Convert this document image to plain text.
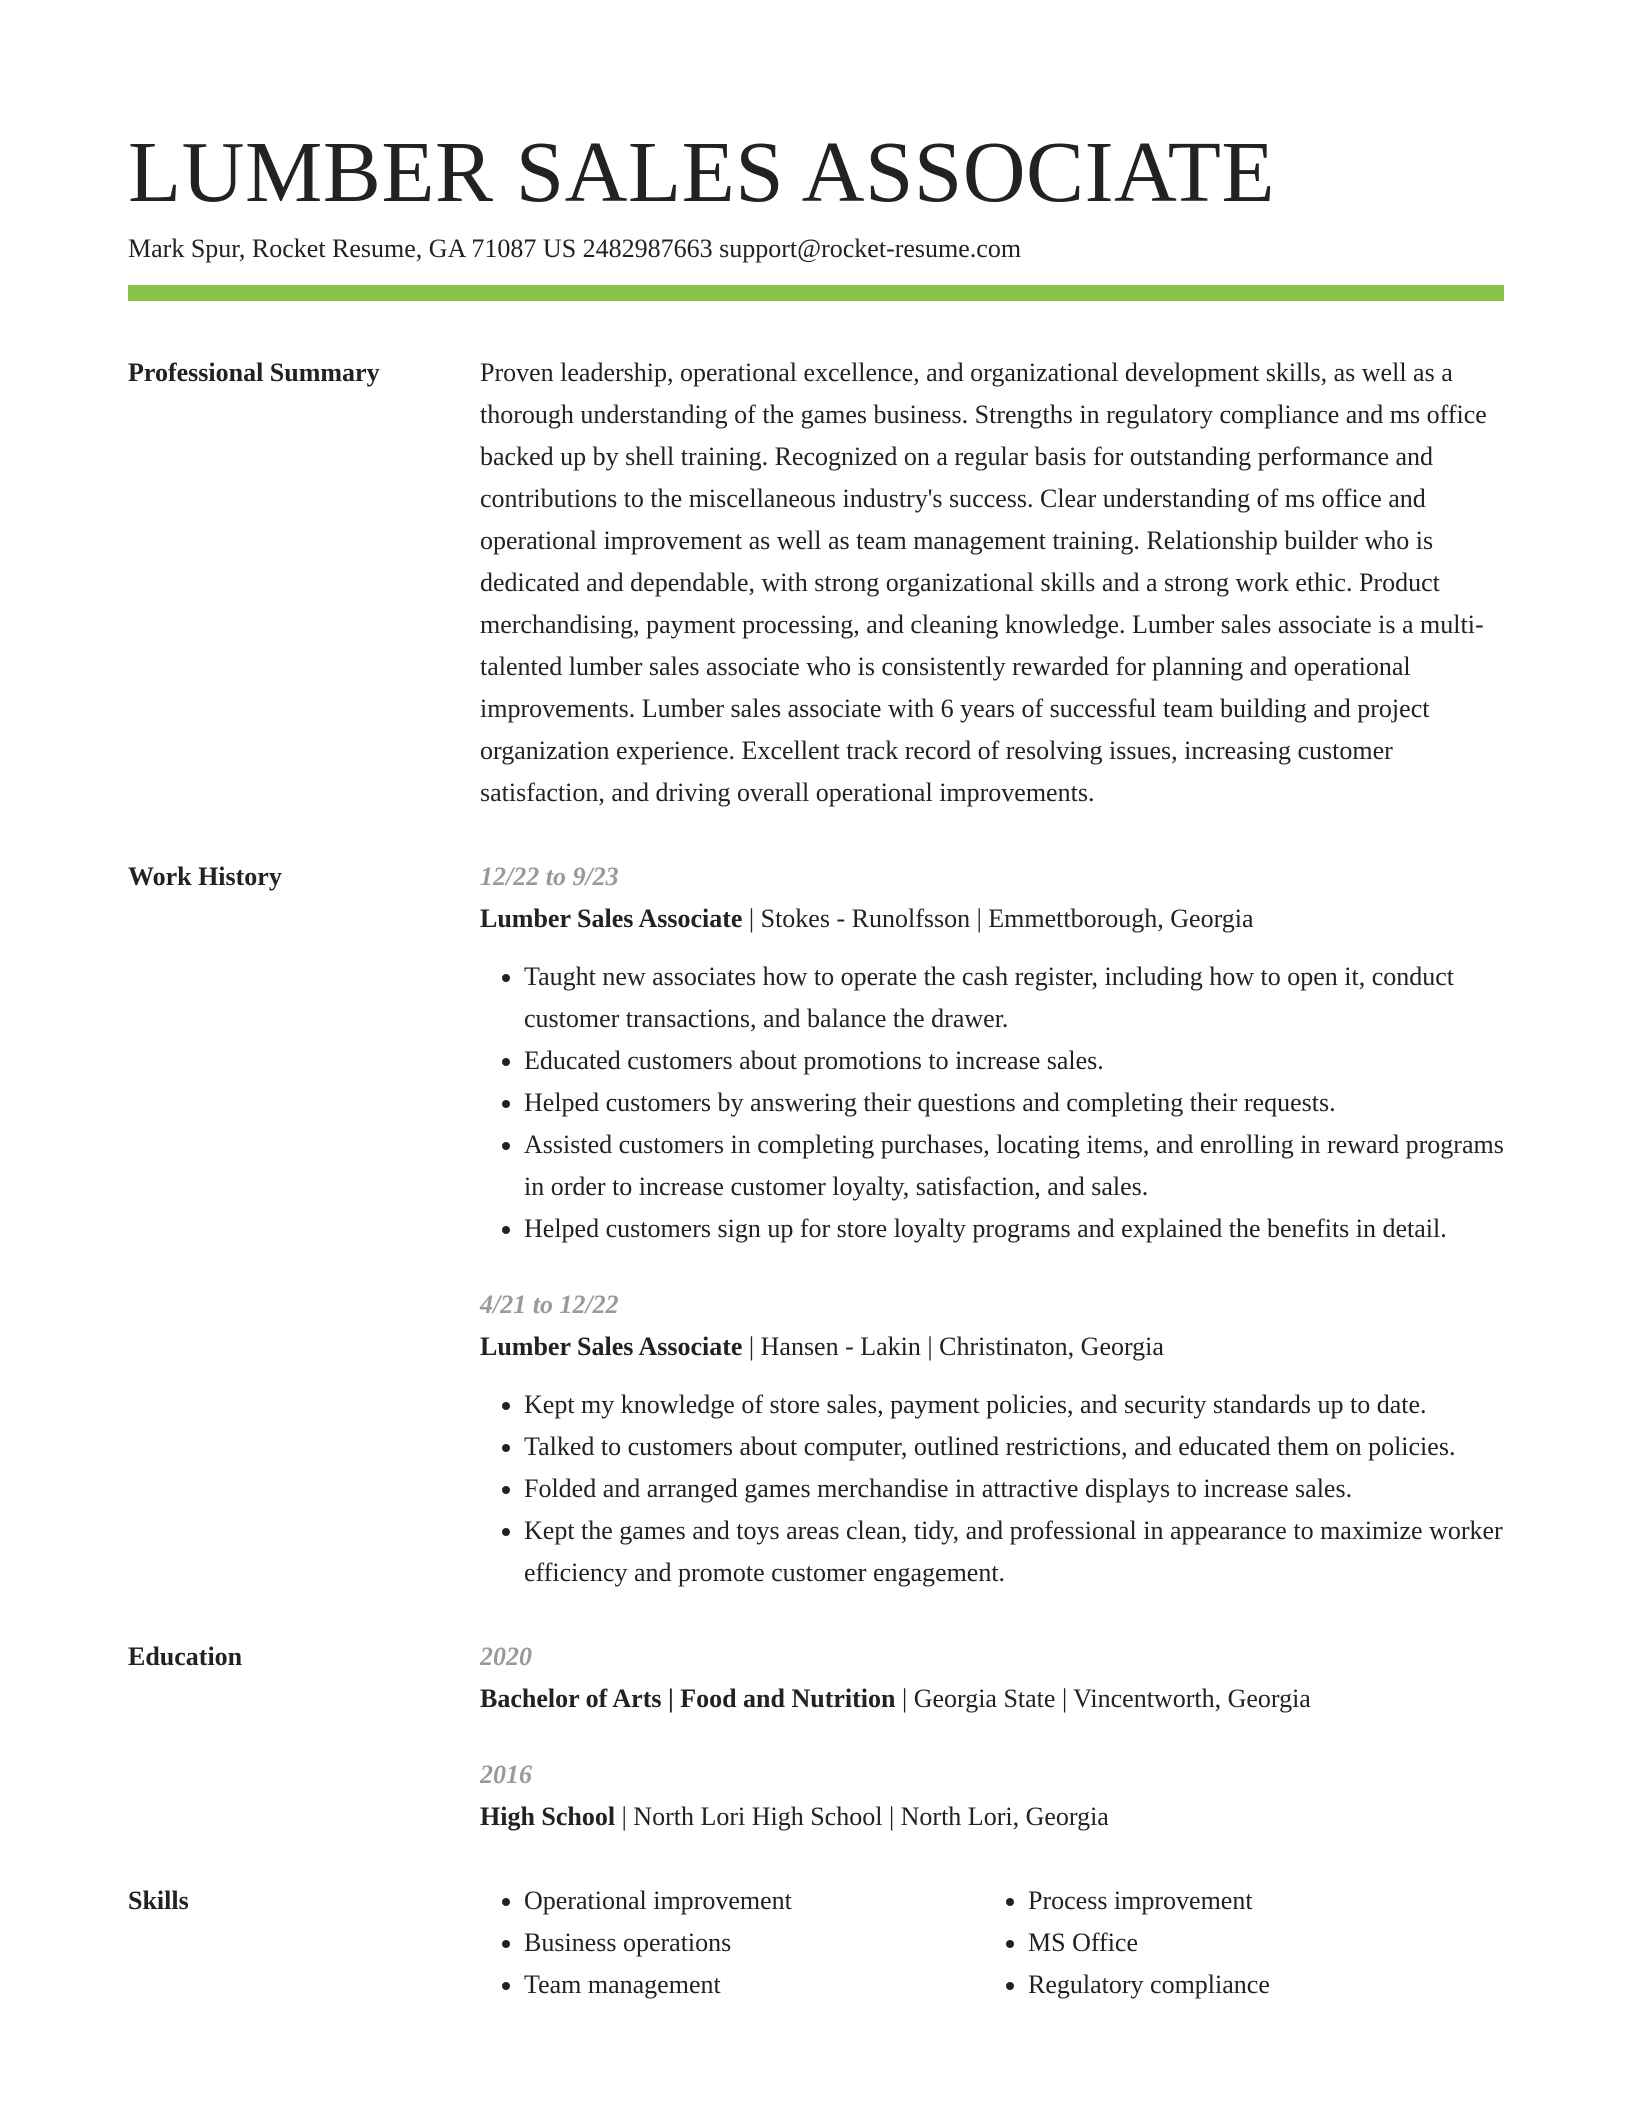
LUMBER SALES ASSOCIATE
Mark Spur, Rocket Resume, GA 71087 US 2482987663 support@rocket-resume.com
Professional Summary	Proven leadership, operational excellence, and organizational development skills, as well as a thorough understanding of the games business. Strengths in regulatory compliance and ms office backed up by shell training. Recognized on a regular basis for outstanding performance and contributions to the miscellaneous industry's success. Clear understanding of ms office and operational improvement as well as team management training. Relationship builder who is dedicated and dependable, with strong organizational skills and a strong work ethic. Product merchandising, payment processing, and cleaning knowledge. Lumber sales associate is a multi-talented lumber sales associate who is consistently rewarded for planning and operational improvements. Lumber sales associate with 6 years of successful team building and project organization experience. Excellent track record of resolving issues, increasing customer satisfaction, and driving overall operational improvements.

Work History	12/22 to 9/23
Lumber Sales Associate | Stokes - Runolfsson | Emmettborough, Georgia
• Taught new associates how to operate the cash register, including how to open it, conduct customer transactions, and balance the drawer.
• Educated customers about promotions to increase sales.
• Helped customers by answering their questions and completing their requests.
• Assisted customers in completing purchases, locating items, and enrolling in reward programs in order to increase customer loyalty, satisfaction, and sales.
• Helped customers sign up for store loyalty programs and explained the benefits in detail.
4/21 to 12/22
Lumber Sales Associate | Hansen - Lakin | Christinaton, Georgia
• Kept my knowledge of store sales, payment policies, and security standards up to date.
• Talked to customers about computer, outlined restrictions, and educated them on policies.
• Folded and arranged games merchandise in attractive displays to increase sales.
• Kept the games and toys areas clean, tidy, and professional in appearance to maximize worker efficiency and promote customer engagement.
Education	2020
Bachelor of Arts | Food and Nutrition | Georgia State | Vincentworth, Georgia
2016
High School | North Lori High School | North Lori, Georgia
Skills
•	Operational improvement
• Business operations
• Team management
• Process improvement
• MS Office
• Regulatory compliance
